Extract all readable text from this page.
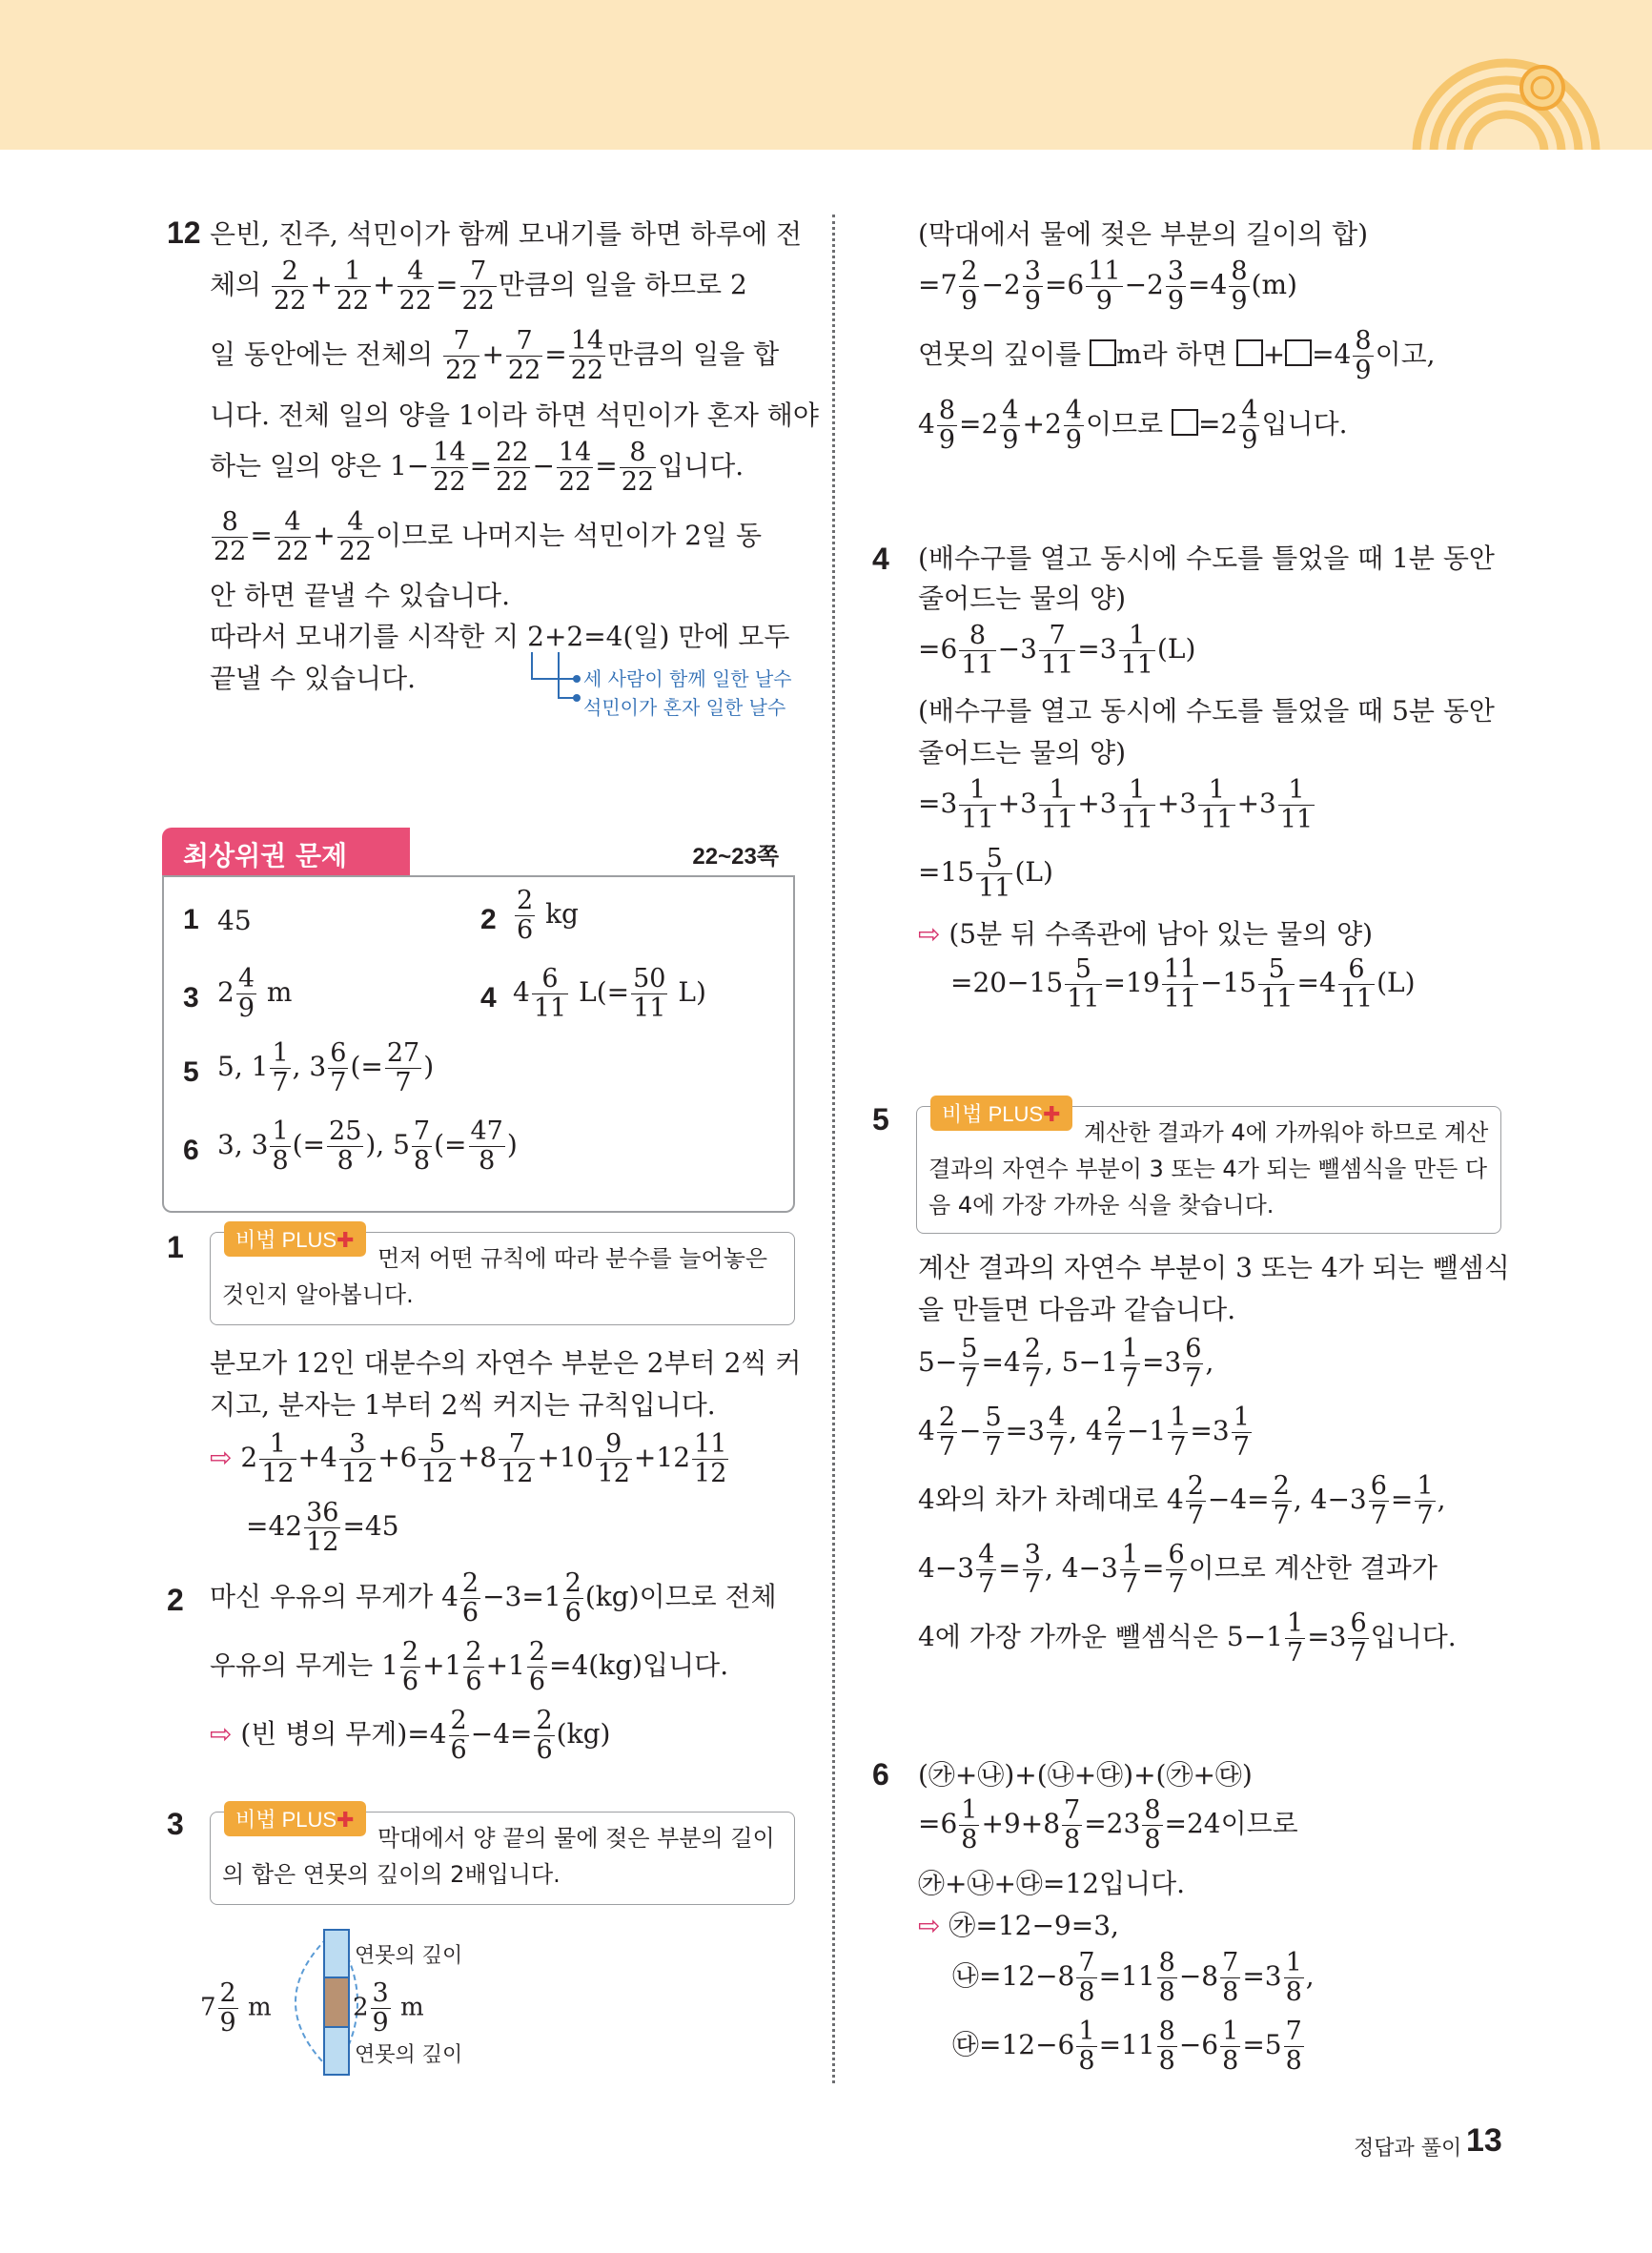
12 은빈, 진주, 석민이가 함께 모내기를 하면 하루에 전
체의 $\frac{2}{22} + \frac{1}{22} + \frac{4}{22} = \frac{7}{22}$ 만큼의 일을 하므로 2
일 동안에는 전체의 $\frac{7}{22} + \frac{7}{22} = \frac{14}{22}$ 만큼의 일을 합
니다. 전체 일의 양을 1이라 하면 석민이가 혼자 해야
하는 일의 양은 $1- \frac{14}{22} = \frac{22}{22} - \frac{14}{22} = \frac{8}{22}$ 입니다.
$\frac{8}{22} = \frac{4}{22} + \frac{4}{22}$ 이므로 나머지는 석민이가 2일 동
안 하면 끝낼 수 있습니다.
따라서 모내기를 시작한 지 2+2=4(일) 만에 모두
끝낼 수 있습니다.	세 사람이 함께 일한 날수
석민이가 혼자 일한 날수
최상위권 문제	22~23쪽
1 45	$2 \frac{2}{6}$ kg
3 $2 \frac{4}{9}$ m	4 $4 \frac{6}{11} L(= \frac{50}{11} L)$
5 5, $1 \frac{1}{7}$ , $3 \frac{6}{7}$ (= $\frac{27}{7}$ )
6 3, $3 \frac{1}{8}$ (= $\frac{25}{8}$ ), $5 \frac{7}{8}$ (= $\frac{47}{8}$ )
1	비법 PLUS✚
먼저 어떤 규칙에 따라 분수를 늘어놓은
것인지 알아봅니다.
분모가 12인 대분수의 자연수 부분은 2부터 2씩 커
지고, 분자는 1부터 2씩 커지는 규칙입니다.
⇨ $2 \frac{1}{12} +4 \frac{3}{12} +6 \frac{5}{12} +8 \frac{7}{12} +10 \frac{9}{12} +12 \frac{11}{12}$
$=42 \frac{36}{12} =45$
2 마신 우유의 무게가 $4 \frac{2}{6} -3=1 \frac{2}{6} (kg)$이므로 전체
우유의 무게는 $1 \frac{2}{6} +1 \frac{2}{6} +1 \frac{2}{6} =4(kg)$입니다.
⇨ (빈 병의 무게)$=4 \frac{2}{6} -4= \frac{2}{6} (kg)$
3	비법 PLUS✚
막대에서 양 끝의 물에 젖은 부분의 길이
의 합은 연못의 깊이의 2배입니다.
연못의 깊이
연못의 깊이
$7 \frac{2}{9}$ m	$2 \frac{3}{9}$ m
(막대에서 물에 젖은 부분의 길이의 합)
$=7 \frac{2}{9} -2 \frac{3}{9} =6 \frac{11}{9} -2 \frac{3}{9} =4 \frac{8}{9} (m)$
연못의 깊이를 m라 하면 + $=4 \frac{8}{9}$ 이고,
$4 \frac{8}{9} =2 \frac{4}{9} +2 \frac{4}{9}$ 이므로 $=2 \frac{4}{9}$ 입니다.
4 (배수구를 열고 동시에 수도를 틀었을 때 1분 동안
줄어드는 물의 양)
$=6 \frac{8}{11} -3 \frac{7}{11} =3 \frac{1}{11} (L)$
(배수구를 열고 동시에 수도를 틀었을 때 5분 동안
줄어드는 물의 양)
$=3 \frac{1}{11} +3 \frac{1}{11} +3 \frac{1}{11} +3 \frac{1}{11} +3 \frac{1}{11}$
$=15 \frac{5}{11} (L)$
⇨ (5분 뒤 수족관에 남아 있는 물의 양)
$=20-15 \frac{5}{11} =19 \frac{11}{11} -15 \frac{5}{11} =4 \frac{6}{11} (L)$
5	비법 PLUS✚
계산한 결과가 4에 가까워야 하므로 계산
결과의 자연수 부분이 3 또는 4가 되는 뺄셈식을 만든 다
음 4에 가장 가까운 식을 찾습니다.
계산 결과의 자연수 부분이 3 또는 4가 되는 뺄셈식
을 만들면 다음과 같습니다.
$5- \frac{5}{7} =4 \frac{2}{7}$ , $5-1 \frac{1}{7} =3 \frac{6}{7}$ ,
$4 \frac{2}{7} - \frac{5}{7} =3 \frac{4}{7}$ , $4 \frac{2}{7} -1 \frac{1}{7} =3 \frac{1}{7}$
4와의 차가 차례대로 $4 \frac{2}{7} -4= \frac{2}{7}$ , $4-3 \frac{6}{7} = \frac{1}{7}$ ,
$4-3 \frac{4}{7} = \frac{3}{7}$ , $4-3 \frac{1}{7} = \frac{6}{7}$ 이므로 계산한 결과가
4에 가장 가까운 뺄셈식은 $5-1 \frac{1}{7} =3 \frac{6}{7}$ 입니다.
6 (㉮+㉯)+(㉯+㉰)+(㉮+㉰)
$=6 \frac{1}{8} +9+8 \frac{7}{8} =23 \frac{8}{8} =24$이므로
㉮+㉯+㉰=12입니다.
⇨ ㉮=12−9=3,
㉯=12−8 $\frac{7}{8} =11 \frac{8}{8} -8 \frac{7}{8} =3 \frac{1}{8}$ ,
㉰=12−6 $\frac{1}{8} =11 \frac{8}{8} -6 \frac{1}{8} =5 \frac{7}{8}$
정답과 풀이 13
